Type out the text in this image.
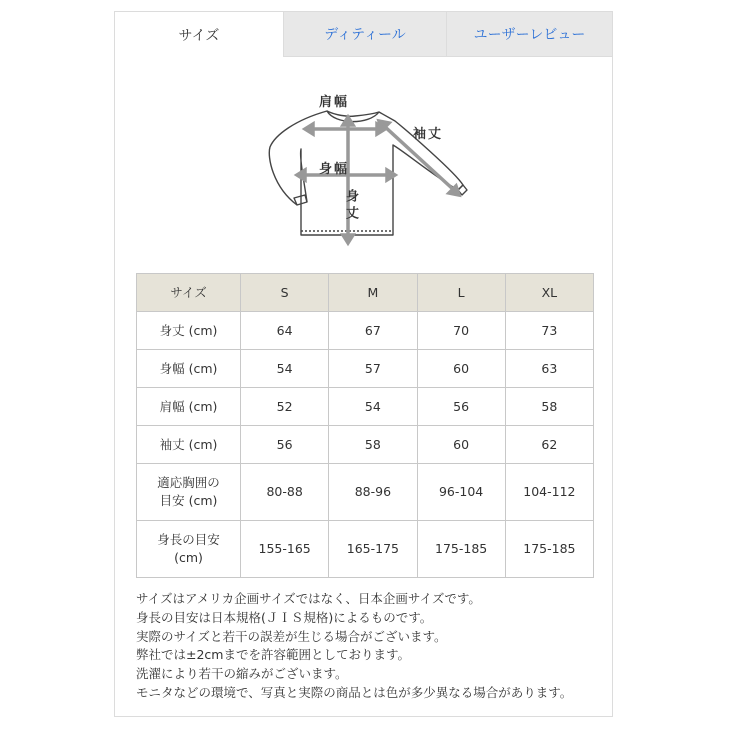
サイズ	ディティール	ユーザーレビュー
肩幅
袖丈
身幅
身丈
サイズ	S	M	L	XL
身丈 (cm)	64	67	70	73
身幅 (cm)	54	57	60	63
肩幅 (cm)	52	54	56	58
袖丈 (cm)	56	58	60	62
適応胸囲の
目安 (cm)	80-88	88-96	96-104	104-112
身長の目安
(cm)	155-165	165-175	175-185	175-185
サイズはアメリカ企画サイズではなく、日本企画サイズです。
身長の目安は日本規格(ＪＩＳ規格)によるものです。
実際のサイズと若干の誤差が生じる場合がございます。
弊社では±2cmまでを許容範囲としております。
洗濯により若干の縮みがございます。
モニタなどの環境で、写真と実際の商品とは色が多少異なる場合があります。
